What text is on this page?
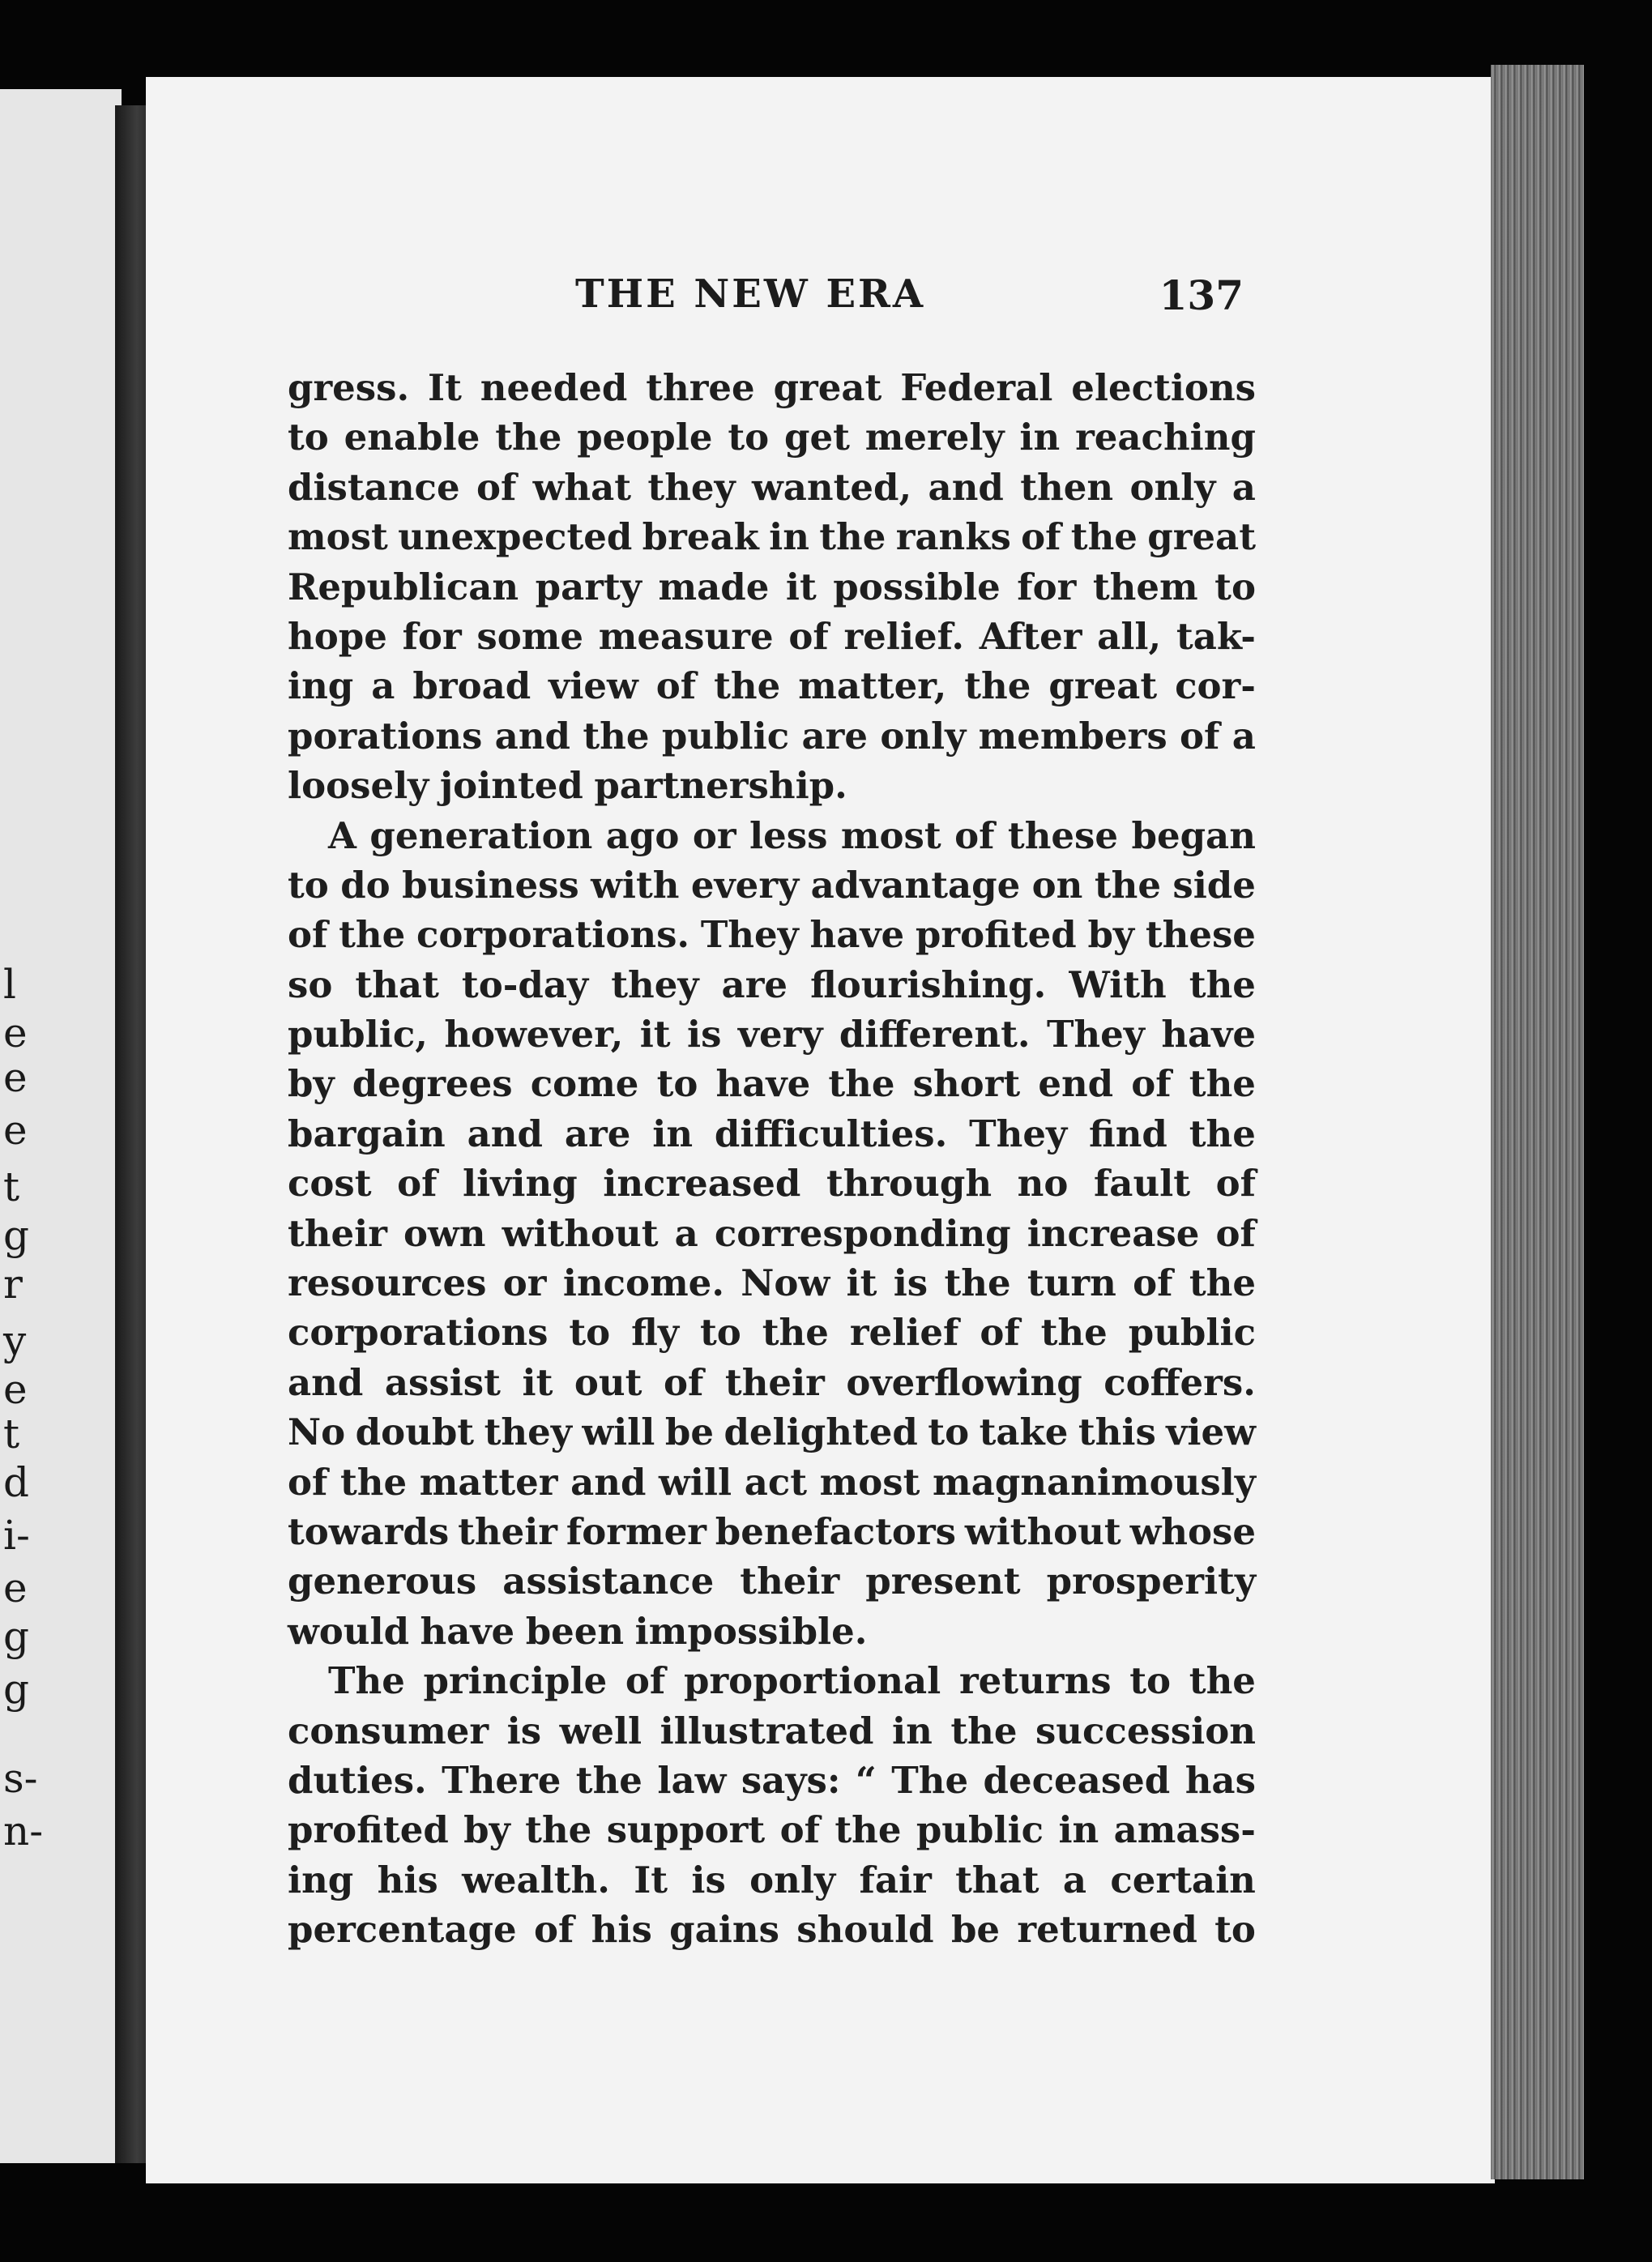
l
e
e
e
t
g
r
y
e
t
d
i-
e
g
g
s-
n-
THE NEW ERA	137
gress. It needed three great Federal elections
to enable the people to get merely in reaching
distance of what they wanted, and then only a
most unexpected break in the ranks of the great
Republican party made it possible for them to
hope for some measure of relief. After all, tak-
ing a broad view of the matter, the great cor-
porations and the public are only members of a
loosely jointed partnership.
A generation ago or less most of these began
to do business with every advantage on the side
of the corporations. They have profited by these
so that to-day they are flourishing. With the
public, however, it is very different. They have
by degrees come to have the short end of the
bargain and are in difficulties. They find the
cost of living increased through no fault of
their own without a corresponding increase of
resources or income. Now it is the turn of the
corporations to fly to the relief of the public
and assist it out of their overflowing coffers.
No doubt they will be delighted to take this view
of the matter and will act most magnanimously
towards their former benefactors without whose
generous assistance their present prosperity
would have been impossible.
The principle of proportional returns to the
consumer is well illustrated in the succession
duties. There the law says: “ The deceased has
profited by the support of the public in amass-
ing his wealth. It is only fair that a certain
percentage of his gains should be returned to
